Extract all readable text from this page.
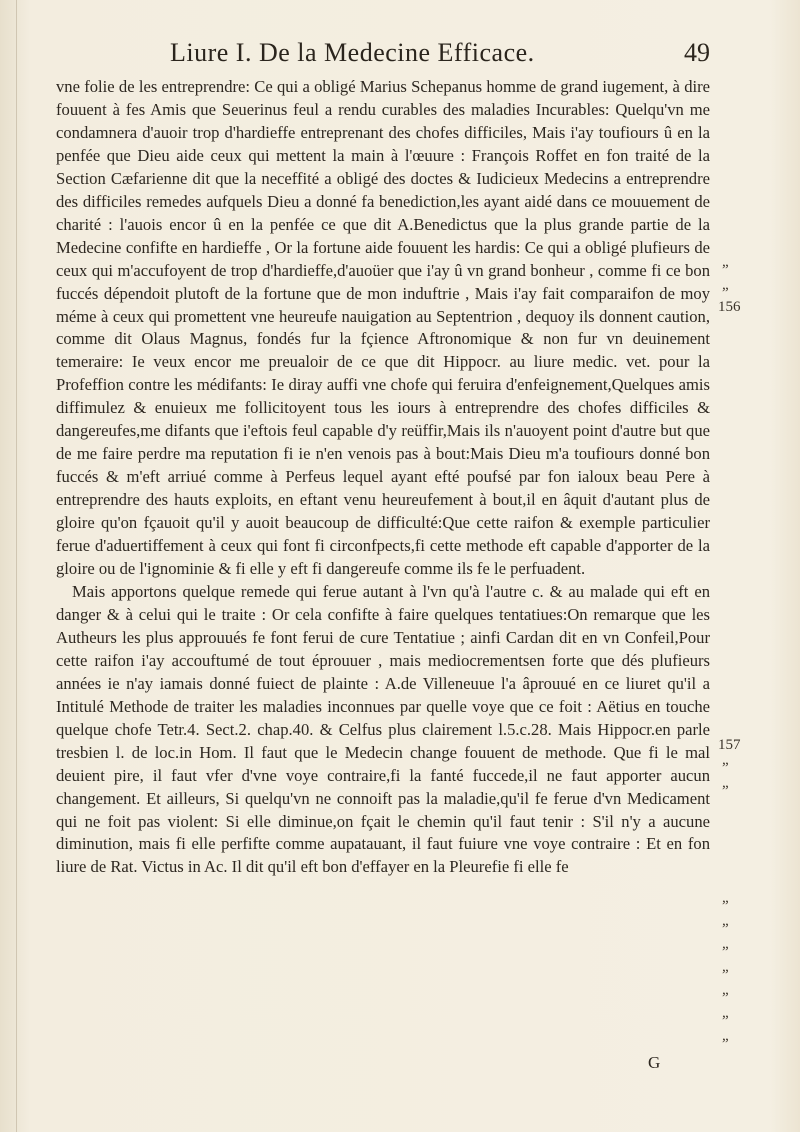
Liure I. De la Medecine Efficace.	49

vne folie de les entreprendre: Ce qui a obligé Marius Schepanus homme de grand iugement, à dire fouuent à fes Amis que Seuerinus feul a rendu curables des maladies Incurables: Quelqu'vn me condamnera d'auoir trop d'hardieffe entreprenant des chofes difficiles, Mais i'ay toufiours û en la penfée que Dieu aide ceux qui mettent la main à l'œuure : François Roffet en fon traité de la Section Cæfarienne dit que la neceffité a obligé des doctes & Iudicieux Medecins a entreprendre des difficiles remedes aufquels Dieu a donné fa benediction,les ayant aidé dans ce mouuement de charité : l'auois encor û en la penfée ce que dit A.Benedictus que la plus grande partie de la Medecine confifte en hardieffe , Or la fortune aide fouuent les hardis: Ce qui a obligé plufieurs de ceux qui m'accufoyent de trop d'hardieffe,d'auoüer que i'ay û vn grand bonheur , comme fi ce bon fuccés dépendoit plutoft de la fortune que de mon induftrie , Mais i'ay fait comparaifon de moy méme à ceux qui promettent vne heureufe nauigation au Septentrion , dequoy ils donnent caution, comme dit Olaus Magnus, fondés fur la fçience Aftronomique & non fur vn deuinement temeraire: Ie veux encor me preualoir de ce que dit Hippocr. au liure medic. vet. pour la Profeffion contre les médifants: Ie diray auffi vne chofe qui feruira d'enfeignement,Quelques amis diffimulez & enuieux me follicitoyent tous les iours à entreprendre des chofes difficiles & dangereufes,me difants que i'eftois feul capable d'y reüffir,Mais ils n'auoyent point d'autre but que de me faire perdre ma reputation fi ie n'en venois pas à bout:Mais Dieu m'a toufiours donné bon fuccés & m'eft arriué comme à Perfeus lequel ayant efté poufsé par fon ialoux beau Pere à entreprendre des hauts exploits, en eftant venu heureufement à bout,il en âquit d'autant plus de gloire qu'on fçauoit qu'il y auoit beaucoup de difficulté:Que cette raifon & exemple particulier ferue d'aduertiffement à ceux qui font fi circonfpects,fi cette methode eft capable d'apporter de la gloire ou de l'ignominie & fi elle y eft fi dangereufe comme ils fe le perfuadent.

Mais apportons quelque remede qui ferue autant à l'vn qu'à l'autre c. & au malade qui eft en danger & à celui qui le traite : Or cela confifte à faire quelques tentatiues:On remarque que les Autheurs les plus approuués fe font ferui de cure Tentatiue ; ainfi Cardan dit en vn Confeil,Pour cette raifon i'ay accouftumé de tout éprouuer , mais mediocrementsen forte que dés plufieurs années ie n'ay iamais donné fuiect de plainte : A.de Villeneuue l'a âprouué en ce liuret qu'il a Intitulé Methode de traiter les maladies inconnues par quelle voye que ce foit : Aëtius en touche quelque chofe Tetr.4. Sect.2. chap.40. & Celfus plus clairement l.5.c.28. Mais Hippocr.en parle tresbien l. de loc.in Hom. Il faut que le Medecin change fouuent de methode. Que fi le mal deuient pire, il faut vfer d'vne voye contraire,fi la fanté fuccede,il ne faut apporter aucun changement. Et ailleurs, Si quelqu'vn ne connoift pas la maladie,qu'il fe ferue d'vn Medicament qui ne foit pas violent: Si elle diminue,on fçait le chemin qu'il faut tenir : S'il n'y a aucune diminution, mais fi elle perfifte comme aupatauant, il faut fuiure vne voye contraire : Et en fon liure de Rat. Victus in Ac. Il dit qu'il eft bon d'effayer en la Pleurefie fi elle fe

”
”
156
157
”
”
”
”
”
”
”
”
”
G
